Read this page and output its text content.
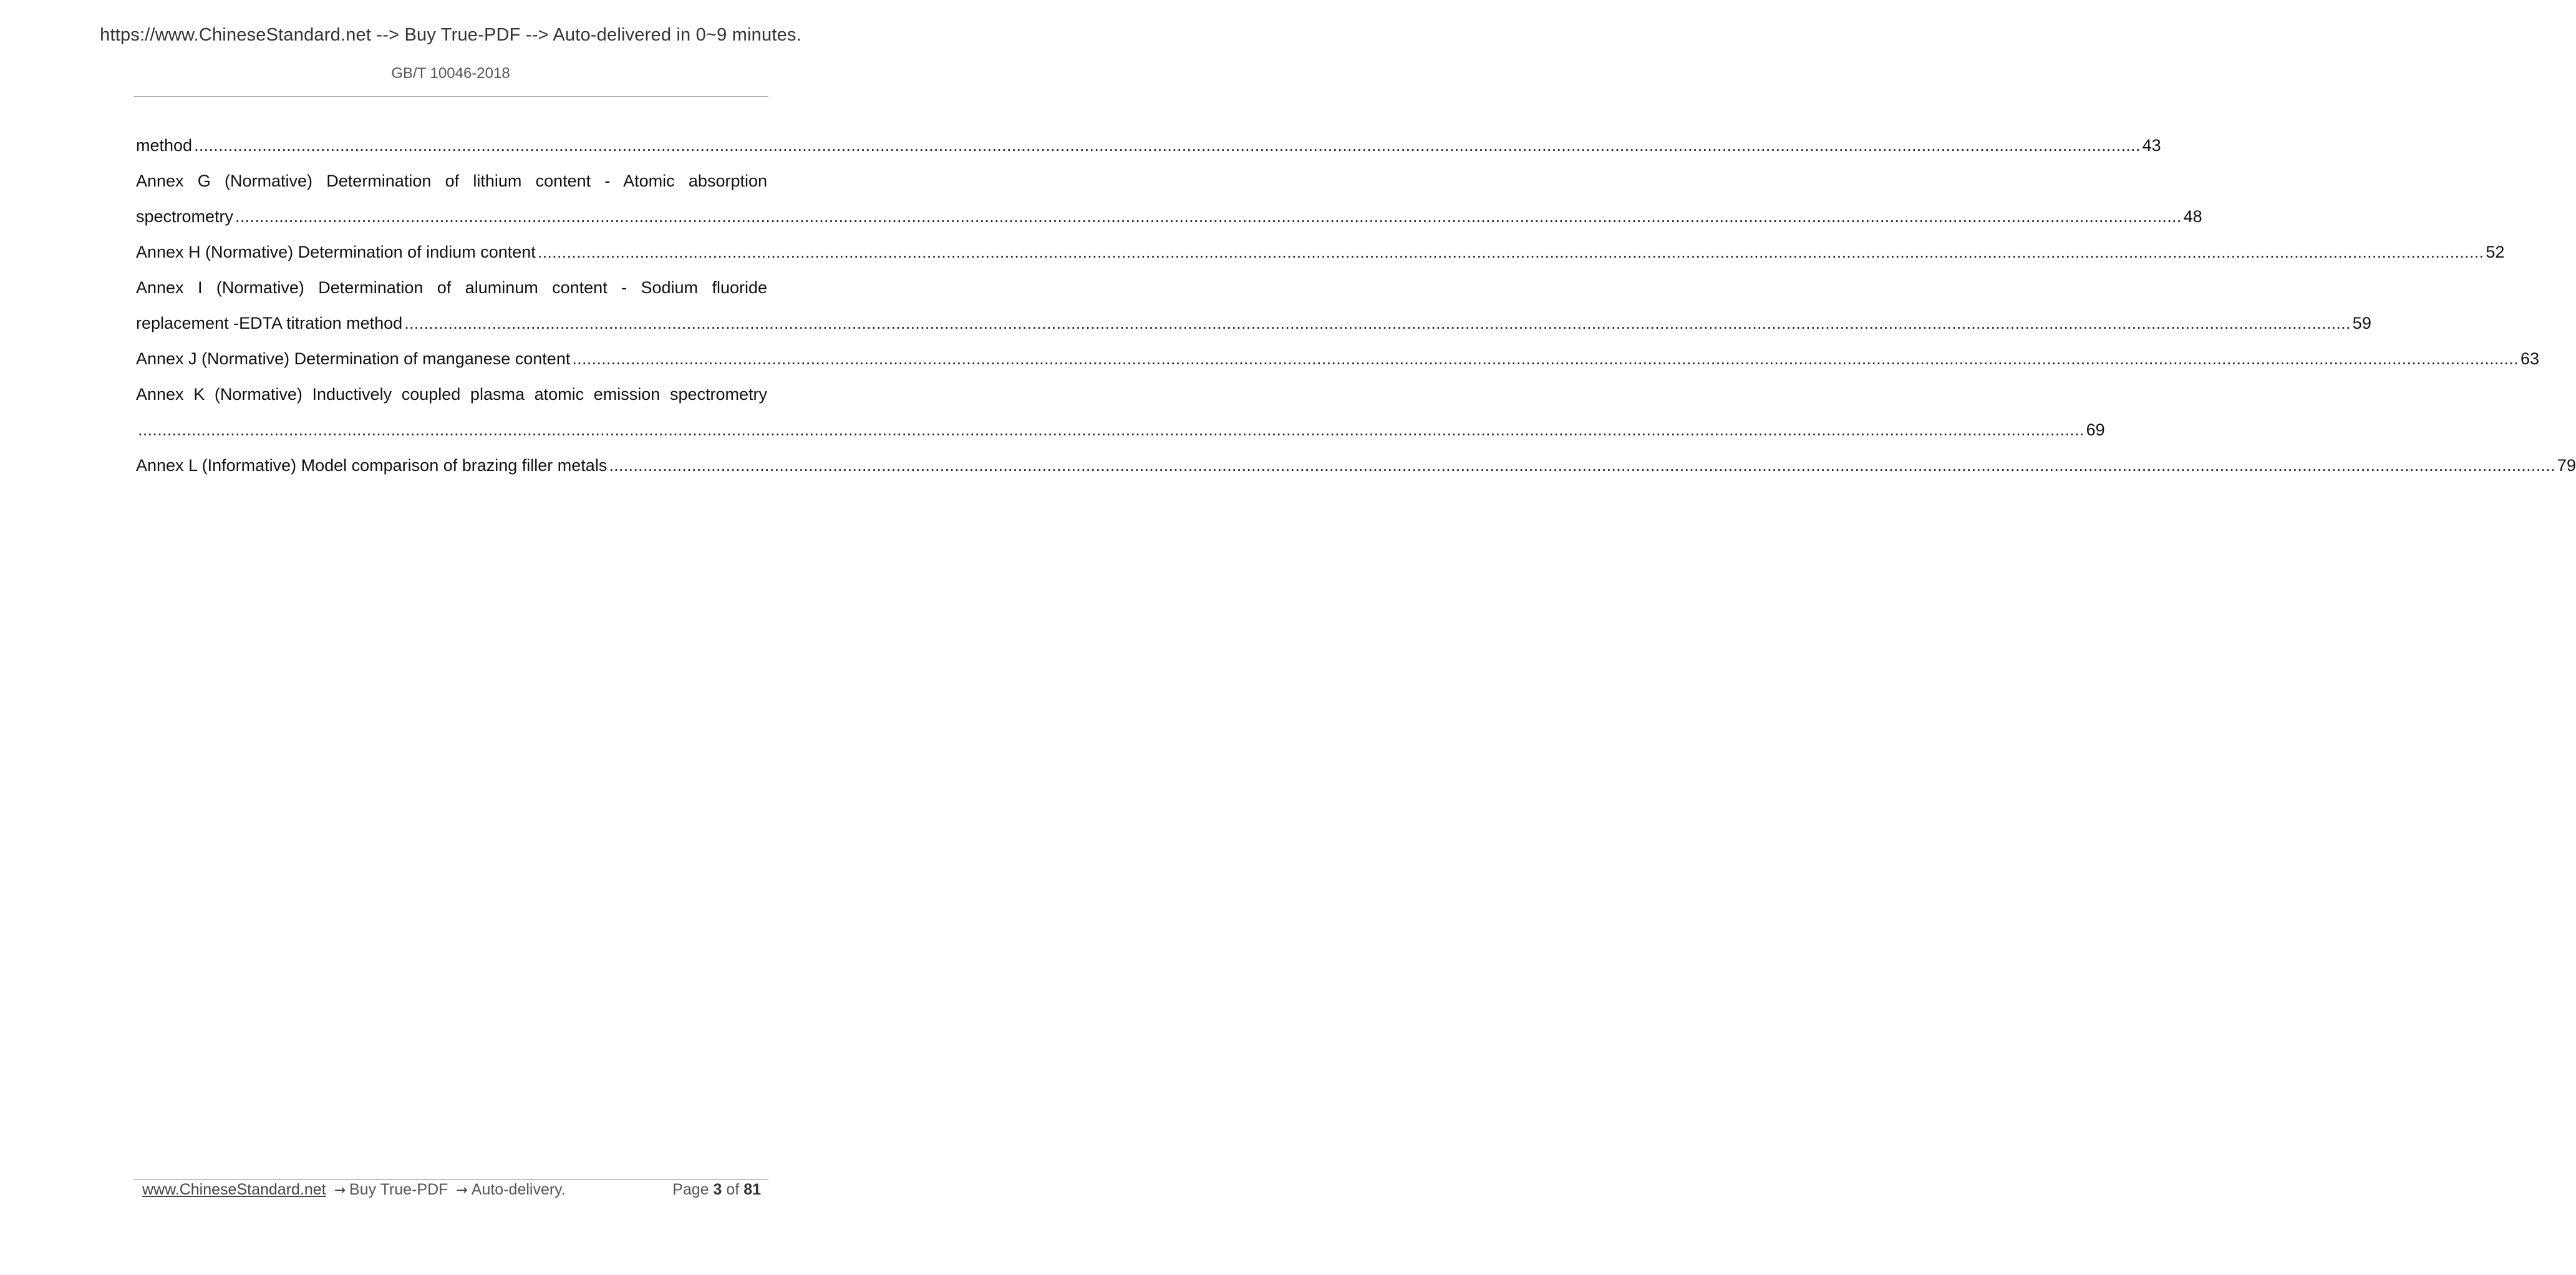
https://www.ChineseStandard.net --> Buy True-PDF --> Auto-delivered in 0~9 minutes.
GB/T 10046-2018
method ................................................................................................................................................................................................................................................................................................................................................................................................................ 43
Annex G (Normative) Determination of lithium content - Atomic absorption
spectrometry ................................................................................................................................................................................................................................................................................................................................................................................................................ 48
Annex H (Normative) Determination of indium content ................................................................................................................................................................................................................................................................................................................................................................................................................ 52
Annex I (Normative) Determination of aluminum content - Sodium fluoride
replacement -EDTA titration method ................................................................................................................................................................................................................................................................................................................................................................................................................ 59
Annex J (Normative) Determination of manganese content ................................................................................................................................................................................................................................................................................................................................................................................................................ 63
Annex K (Normative) Inductively coupled plasma atomic emission spectrometry
................................................................................................................................................................................................................................................................................................................................................................................................................ 69
Annex L (Informative) Model comparison of brazing filler metals ................................................................................................................................................................................................................................................................................................................................................................................................................ 79
www.ChineseStandard.net → Buy True-PDF → Auto-delivery.	Page 3 of 81
